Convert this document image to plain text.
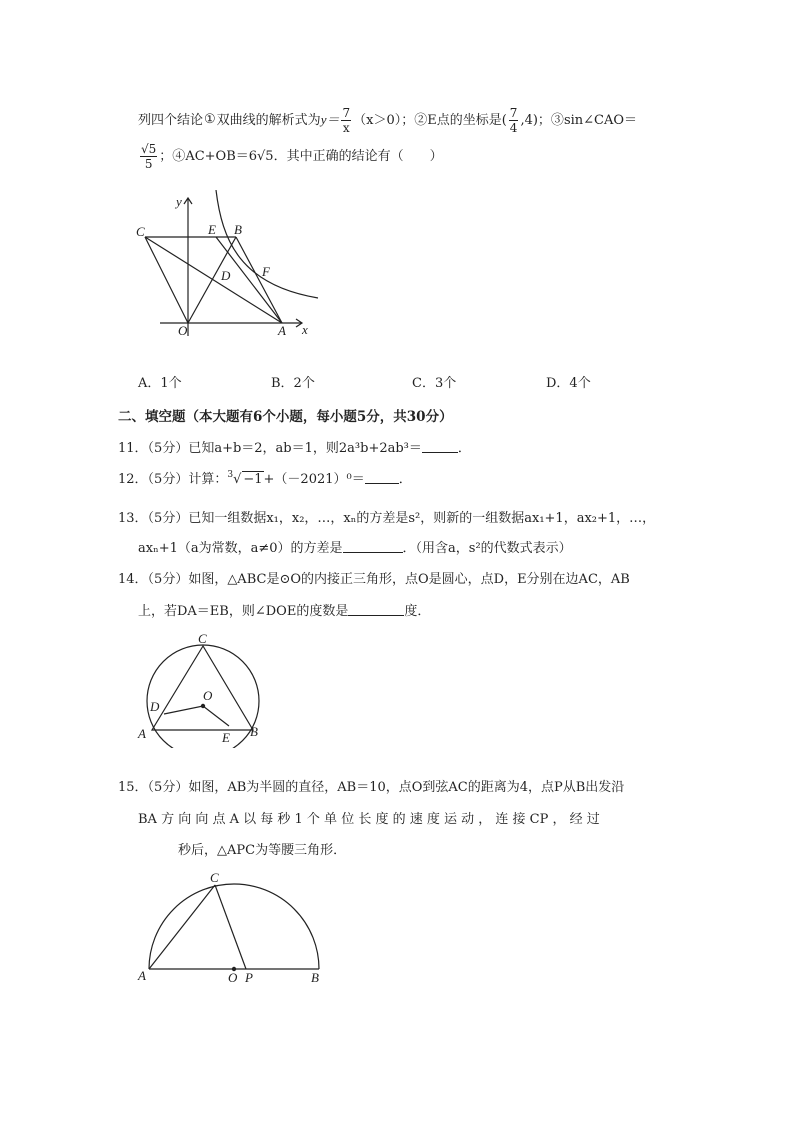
列四个结论①双曲线的解析式为$y= \frac{7}{x} (x>0)$；②E点的坐标是( $\frac{7}{4} ,4$)；③sin∠CAO＝
$\frac{√5}{5}$ ；④AC+OB＝6√5．其中正确的结论有（　　）
y
x
C	E B
D F
O	A
A．1个	B．2个	C．3个	D．4个
二、填空题（本大题有6个小题，每小题5分，共30分）
11．（5分）已知a+b＝2，ab＝1，则2a³b+2ab³＝	．
12．（5分）计算：$^3$√ −1+（－2021）⁰＝	．
13．（5分）已知一组数据x₁，x₂，…，xₙ的方差是s²，则新的一组数据ax₁+1，ax₂+1，…，
axₙ+1（a为常数，a≠0）的方差是	．（用含a，s²的代数式表示）
14．（5分）如图，△ABC是⊙O的内接正三角形，点O是圆心，点D，E分别在边AC，AB
上，若DA＝EB，则∠DOE的度数是	度．
C
O
D
A	E B
15．（5分）如图，AB为半圆的直径，AB＝10，点O到弦AC的距离为4，点P从B出发沿
BA 方 向 向 点 A 以 每 秒 1 个 单 位 长 度 的 速 度 运 动 ， 连 接 CP ， 经 过
秒后，△APC为等腰三角形．
C
A	O P	B
